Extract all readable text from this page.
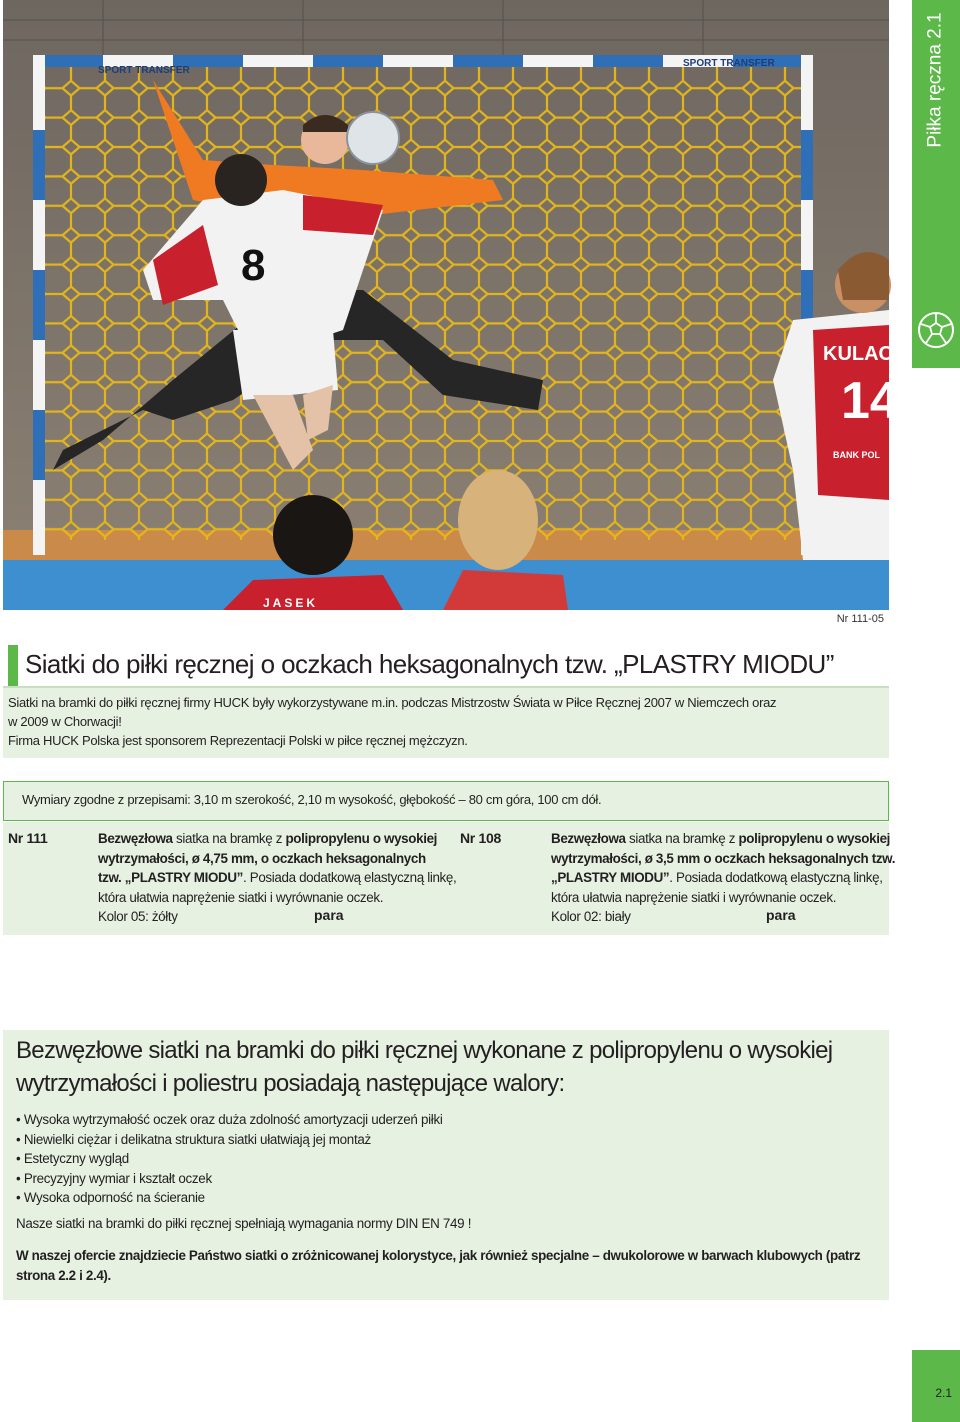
SPORT TRANSFER
SPORT TRANSFER
8
KULAC
14
BANK POL
JASEK
Piłka ręczna 2.1
Nr 111-05
Siatki do piłki ręcznej o oczkach heksagonalnych tzw. „PLASTRY MIODU”

Siatki na bramki do piłki ręcznej firmy HUCK były wykorzystywane m.in. podczas Mistrzostw Świata w Piłce Ręcznej 2007 w Niemczech oraz

w 2009 w Chorwacji!

Firma HUCK Polska jest sponsorem Reprezentacji Polski w piłce ręcznej mężczyzn.

Wymiary zgodne z przepisami: 3,10 m szerokość, 2,10 m wysokość, głębokość – 80 cm góra, 100 cm dół.

Nr 111	Bezwęzłowa siatka na bramkę z polipropylenu o wysokiej
wytrzymałości, ø 4,75 mm, o oczkach heksagonalnych
tzw. „PLASTRY MIODU”. Posiada dodatkową elastyczną linkę,
która ułatwia naprężenie siatki i wyrównanie oczek.
Kolor 05: żółty	para
Nr 108	Bezwęzłowa siatka na bramkę z polipropylenu o wysokiej
wytrzymałości, ø 3,5 mm o oczkach heksagonalnych tzw.
„PLASTRY MIODU”. Posiada dodatkową elastyczną linkę,
która ułatwia naprężenie siatki i wyrównanie oczek.
Kolor 02: biały	para
Bezwęzłowe siatki na bramki do piłki ręcznej wykonane z polipropylenu o wysokiej wytrzymałości i poliestru posiadają następujące walory:
• Wysoka wytrzymałość oczek oraz duża zdolność amortyzacji uderzeń piłki
• Niewielki ciężar i delikatna struktura siatki ułatwiają jej montaż
• Estetyczny wygląd
• Precyzyjny wymiar i kształt oczek
• Wysoka odporność na ścieranie

Nasze siatki na bramki do piłki ręcznej spełniają wymagania normy DIN EN 749 !

W naszej ofercie znajdziecie Państwo siatki o zróżnicowanej kolorystyce, jak również specjalne – dwukolorowe w barwach klubowych (patrz strona 2.2 i 2.4).

2.1
